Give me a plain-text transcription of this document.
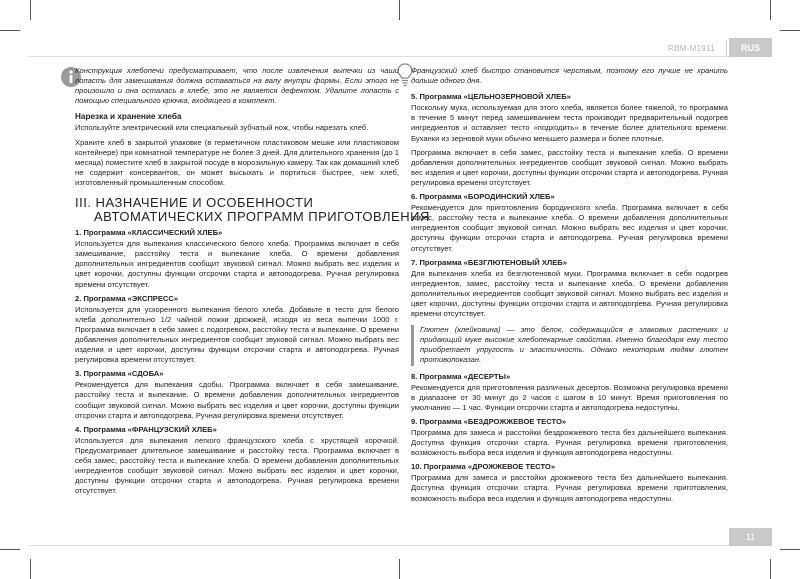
RBM-M1911	RUS

Конструкция хлебопечи предусматривает, что после извлечения выпечки из чаши лопасть для замешивания должна оставаться на валу внутри формы. Если этого не произошло и она осталась в хлебе, это не является дефектом. Удалите лопасть с помощью специального крючка, входящего в комплект.

Нарезка и хранение хлеба

Используйте электрический или специальный зубчатый нож, чтобы нарезать хлеб.

Храните хлеб в закрытой упаковке (в герметичном пластиковом мешке или пластиковом контейнере) при комнатной температуре не более 3 дней. Для длительного хранения (до 1 месяца) поместите хлеб в закрытой посуде в морозильную камеру. Так как домашний хлеб не содержит консервантов, он может высыхать и портиться быстрее, чем хлеб, изготовленный промышленным способом.

III. НАЗНАЧЕНИЕ И ОСОБЕННОСТИ
АВТОМАТИЧЕСКИХ ПРОГРАММ ПРИГОТОВЛЕНИЯ

1. Программа «КЛАССИЧЕСКИЙ ХЛЕБ»

Используется для выпекания классического белого хлеба. Программа включает в себя замешивание, расстойку теста и выпекание хлеба. О времени добавления дополнительных ингредиентов сообщит звуковой сигнал. Можно выбрать вес изделия и цвет корочки, доступны функции отсрочки старта и автоподогрева. Ручная регулировка времени отсутствует.

2. Программа «ЭКСПРЕСС»

Используется для ускоренного выпекания белого хлеба. Добавьте в тесто для белого хлеба дополнительно 1/2 чайной ложки дрожжей, исходя из веса выпечки 1000 г. Программа включает в себя замес с подогревом, расстойку теста и выпекание. О времени добавления дополнительных ингредиентов сообщит звуковой сигнал. Можно выбрать вес изделия и цвет корочки, доступны функции отсрочки старта и автоподогрева. Ручная регулировка времени отсутствует.

3. Программа «СДОБА»

Рекомендуется для выпекания сдобы. Программа включает в себя замешивание, расстойку теста и выпекание. О времени добавления дополнительных ингредиентов сообщит звуковой сигнал. Можно выбрать вес изделия и цвет корочки, доступны функции отсрочки старта и автоподогрева. Ручная регулировка времени отсутствует.

4. Программа «ФРАНЦУЗСКИЙ ХЛЕБ»

Используется для выпекания легкого французского хлеба с хрустящей корочкой. Предусматривает длительное замешивание и расстойку теста. Программа включает в себя замес, расстойку теста и выпекание хлеба. О времени добавления дополнительных ингредиентов сообщит звуковой сигнал. Можно выбрать вес изделия и цвет корочки, доступны функции отсрочки старта и автоподогрева. Ручная регулировка времени отсутствует.

Французский хлеб быстро становится черствым, поэтому его лучше не хранить дольше одного дня.

5. Программа «ЦЕЛЬНОЗЕРНОВОЙ ХЛЕБ»

Поскольку мука, используемая для этого хлеба, является более тяжелой, то программа в течение 5 минут перед замешиванием теста производит предварительный подогрев ингредиентов и оставляет тесто «подходить» в течение более длительного времени. Буханки из зерновой муки обычно меньшего размера и более плотные.

Программа включает в себя замес, расстойку теста и выпекание хлеба. О времени добавления дополнительных ингредиентов сообщит звуковой сигнал. Можно выбрать вес изделия и цвет корочки, доступны функции отсрочки старта и автоподогрева. Ручная регулировка времени отсутствует.

6. Программа «БОРОДИНСКИЙ ХЛЕБ»

Рекомендуется для приготовления бородинского хлеба. Программа включает в себя замес, расстойку теста и выпекание хлеба. О времени добавления дополнительных ингредиентов сообщит звуковой сигнал. Можно выбрать вес изделия и цвет корочки, доступны функции отсрочки старта и автоподогрева. Ручная регулировка времени отсутствует.

7. Программа «БЕЗГЛЮТЕНОВЫЙ ХЛЕБ»

Для выпекания хлеба из безглютеновой муки. Программа включает в себя подогрев ингредиентов, замес, расстойку теста и выпекание хлеба. О времени добавления дополнительных ингредиентов сообщит звуковой сигнал. Можно выбрать вес изделия и цвет корочки, доступны функции отсрочки старта и автоподогрева. Ручная регулировка времени отсутствует.

Глютен (клейковина) — это белок, содержащийся в злаковых растениях и придающий муке высокие хлебопекарные свойства. Именно благодаря ему тесто приобретает упругость и эластичность. Однако некоторым людям глютен противопоказан.

8. Программа «ДЕСЕРТЫ»

Рекомендуется для приготовления различных десертов. Возможна регулировка времени в диапазоне от 30 минут до 2 часов с шагом в 10 минут. Время приготовления по умолчанию — 1 час. Функции отсрочки старта и автоподогрева недоступны.

9. Программа «БЕЗДРОЖЖЕВОЕ ТЕСТО»

Программа для замеса и расстойки бездрожжевого теста без дальнейшего выпекания. Доступна функция отсрочки старта. Ручная регулировка времени приготовления, возможность выбора веса изделия и функция автоподогрева недоступны.

10. Программа «ДРОЖЖЕВОЕ ТЕСТО»

Программа для замеса и расстойки дрожжевого теста без дальнейшего выпекания. Доступна функция отсрочки старта. Ручная регулировка времени приготовления, возможность выбора веса изделия и функция автоподогрева недоступны.

11
